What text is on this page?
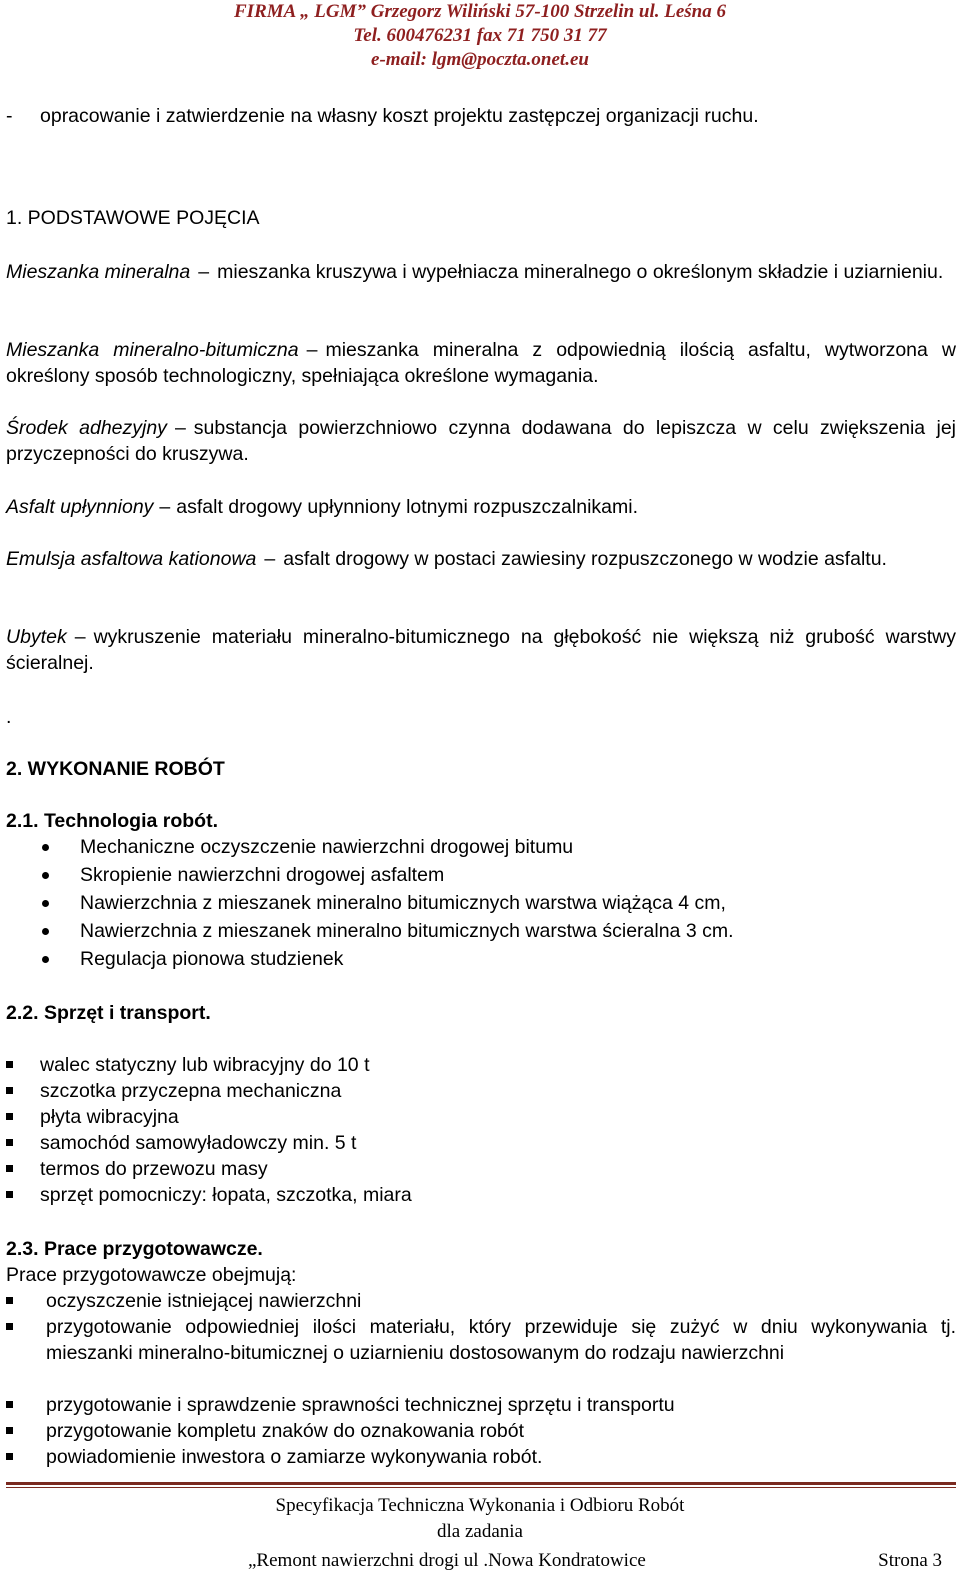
FIRMA „ LGM” Grzegorz Wiliński 57-100 Strzelin ul. Leśna 6
Tel. 600476231 fax 71 750 31 77
e-mail: lgm@poczta.onet.eu
- opracowanie i zatwierdzenie na własny koszt projektu zastępczej organizacji ruchu.
1. PODSTAWOWE POJĘCIA
Mieszanka mineralna – mieszanka kruszywa i wypełniacza mineralnego o określonym składzie i uziarnieniu.
Mieszanka mineralno-bitumiczna – mieszanka mineralna z odpowiednią ilością asfaltu, wytworzona w określony sposób technologiczny, spełniająca określone wymagania.
Środek adhezyjny – substancja powierzchniowo czynna dodawana do lepiszcza w celu zwiększenia jej przyczepności do kruszywa.
Asfalt upłynniony – asfalt drogowy upłynniony lotnymi rozpuszczalnikami.
Emulsja asfaltowa kationowa – asfalt drogowy w postaci zawiesiny rozpuszczonego w wodzie asfaltu.
Ubytek – wykruszenie materiału mineralno-bitumicznego na głębokość nie większą niż grubość warstwy ścieralnej.
.
2. WYKONANIE ROBÓT
2.1. Technologia robót.
Mechaniczne oczyszczenie nawierzchni drogowej bitumu
Skropienie nawierzchni drogowej asfaltem
Nawierzchnia z mieszanek mineralno bitumicznych warstwa wiążąca 4 cm,
Nawierzchnia z mieszanek mineralno bitumicznych warstwa ścieralna 3 cm.
Regulacja pionowa studzienek
2.2. Sprzęt i transport.
walec statyczny lub wibracyjny do 10 t
szczotka przyczepna mechaniczna
płyta wibracyjna
samochód samowyładowczy min. 5 t
termos do przewozu masy
sprzęt pomocniczy: łopata, szczotka, miara
2.3. Prace przygotowawcze.
Prace przygotowawcze obejmują:
oczyszczenie istniejącej nawierzchni
przygotowanie odpowiedniej ilości materiału, który przewiduje się zużyć w dniu wykonywania tj. mieszanki mineralno-bitumicznej o uziarnieniu dostosowanym do rodzaju nawierzchni
przygotowanie i sprawdzenie sprawności technicznej sprzętu i transportu
przygotowanie kompletu znaków do oznakowania robót
powiadomienie inwestora o zamiarze wykonywania robót.
Specyfikacja Techniczna Wykonania i Odbioru Robót
dla zadania
„Remont nawierzchni drogi ul .Nowa Kondratowice	Strona 3
